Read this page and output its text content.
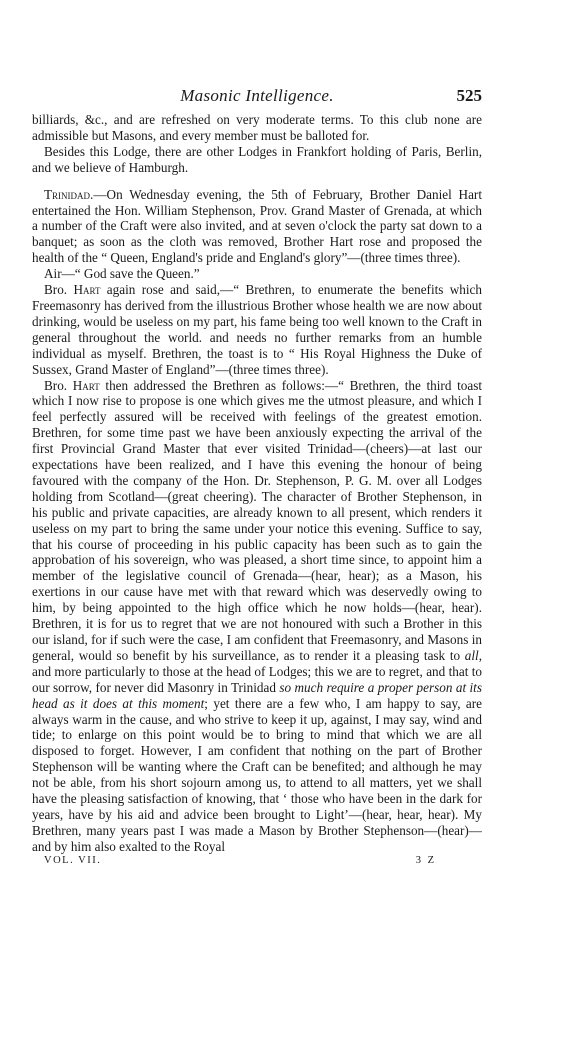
Masonic Intelligence.	525

billiards, &c., and are refreshed on very moderate terms. To this club none are admissible but Masons, and every member must be balloted for.

Besides this Lodge, there are other Lodges in Frankfort holding of Paris, Berlin, and we believe of Hamburgh.

Trinidad.—On Wednesday evening, the 5th of February, Brother Daniel Hart entertained the Hon. William Stephenson, Prov. Grand Master of Grenada, at which a number of the Craft were also invited, and at seven o'clock the party sat down to a banquet; as soon as the cloth was removed, Brother Hart rose and proposed the health of the “ Queen, England's pride and England's glory”—(three times three).

Air—“ God save the Queen.”

Bro. Hart again rose and said,—“ Brethren, to enumerate the benefits which Freemasonry has derived from the illustrious Brother whose health we are now about drinking, would be useless on my part, his fame being too well known to the Craft in general throughout the world. and needs no further remarks from an humble individual as myself. Brethren, the toast is to “ His Royal Highness the Duke of Sussex, Grand Master of England”—(three times three).

Bro. Hart then addressed the Brethren as follows:—“ Brethren, the third toast which I now rise to propose is one which gives me the utmost pleasure, and which I feel perfectly assured will be received with feelings of the greatest emotion. Brethren, for some time past we have been anxiously expecting the arrival of the first Provincial Grand Master that ever visited Trinidad—(cheers)—at last our expectations have been realized, and I have this evening the honour of being favoured with the company of the Hon. Dr. Stephenson, P. G. M. over all Lodges holding from Scotland—(great cheering). The character of Brother Stephenson, in his public and private capacities, are already known to all present, which renders it useless on my part to bring the same under your notice this evening. Suffice to say, that his course of proceeding in his public capacity has been such as to gain the approbation of his sovereign, who was pleased, a short time since, to appoint him a member of the legislative council of Grenada—(hear, hear); as a Mason, his exertions in our cause have met with that reward which was deservedly owing to him, by being appointed to the high office which he now holds—(hear, hear). Brethren, it is for us to regret that we are not honoured with such a Brother in this our island, for if such were the case, I am confident that Freemasonry, and Masons in general, would so benefit by his surveillance, as to render it a pleasing task to all, and more particularly to those at the head of Lodges; this we are to regret, and that to our sorrow, for never did Masonry in Trinidad so much require a proper person at its head as it does at this moment; yet there are a few who, I am happy to say, are always warm in the cause, and who strive to keep it up, against, I may say, wind and tide; to enlarge on this point would be to bring to mind that which we are all disposed to forget. However, I am confident that nothing on the part of Brother Stephenson will be wanting where the Craft can be benefited; and although he may not be able, from his short sojourn among us, to attend to all matters, yet we shall have the pleasing satisfaction of knowing, that ‘ those who have been in the dark for years, have by his aid and advice been brought to Light’—(hear, hear, hear). My Brethren, many years past I was made a Mason by Brother Stephenson—(hear)—and by him also exalted to the Royal

VOL. VII.	3 Z
